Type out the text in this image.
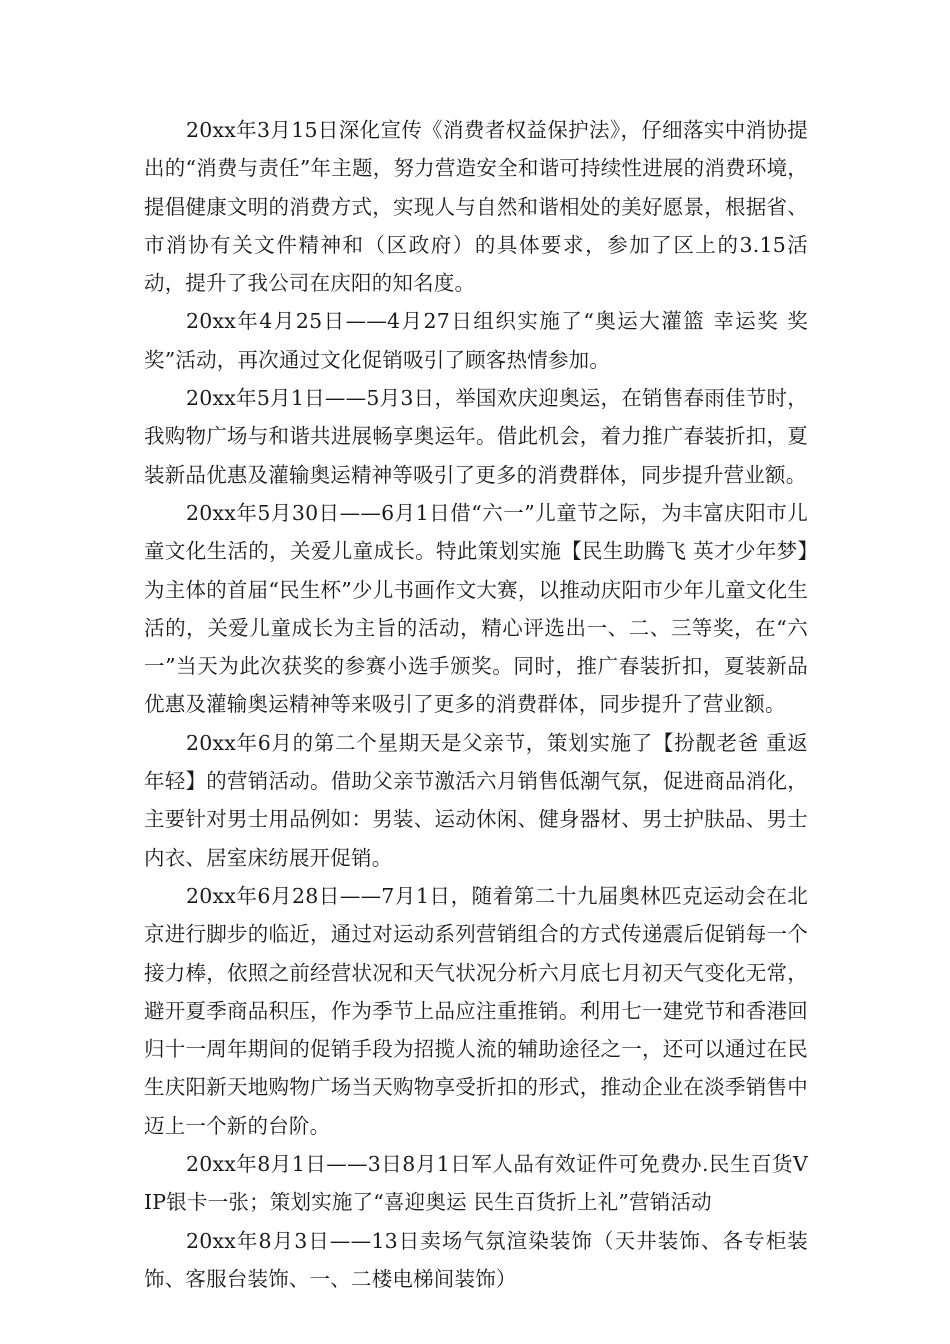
20xx年3月15日深化宣传《消费者权益保护法》，仔细落实中消协提出的“消费与责任”年主题，努力营造安全和谐可持续性进展的消费环境，提倡健康文明的消费方式，实现人与自然和谐相处的美好愿景，根据省、市消协有关文件精神和（区政府）的具体要求，参加了区上的3.15活动，提升了我公司在庆阳的知名度。

20xx年4月25日——4月27日组织实施了“奥运大灌篮 幸运奖 奖 奖”活动，再次通过文化促销吸引了顾客热情参加。

20xx年5月1日——5月3日，举国欢庆迎奥运，在销售春雨佳节时，我购物广场与和谐共进展畅享奥运年。借此机会，着力推广春装折扣，夏装新品优惠及灌输奥运精神等吸引了更多的消费群体，同步提升营业额。

20xx年5月30日——6月1日借“六一”儿童节之际，为丰富庆阳市儿童文化生活的，关爱儿童成长。特此策划实施【民生助腾飞 英才少年梦】为主体的首届“民生杯”少儿书画作文大赛，以推动庆阳市少年儿童文化生活的，关爱儿童成长为主旨的活动，精心评选出一、二、三等奖，在“六一”当天为此次获奖的参赛小选手颁奖。同时，推广春装折扣，夏装新品优惠及灌输奥运精神等来吸引了更多的消费群体，同步提升了营业额。

20xx年6月的第二个星期天是父亲节，策划实施了【扮靓老爸 重返年轻】的营销活动。借助父亲节激活六月销售低潮气氛，促进商品消化，主要针对男士用品例如：男装、运动休闲、健身器材、男士护肤品、男士内衣、居室床纺展开促销。

20xx年6月28日——7月1日，随着第二十九届奥林匹克运动会在北京进行脚步的临近，通过对运动系列营销组合的方式传递震后促销每一个接力棒，依照之前经营状况和天气状况分析六月底七月初天气变化无常，避开夏季商品积压，作为季节上品应注重推销。利用七一建党节和香港回归十一周年期间的促销手段为招揽人流的辅助途径之一，还可以通过在民生庆阳新天地购物广场当天购物享受折扣的形式，推动企业在淡季销售中迈上一个新的台阶。

20xx年8月1日——3日8月1日军人品有效证件可免费办.民生百货VIP银卡一张；策划实施了“喜迎奥运 民生百货折上礼”营销活动

20xx年8月3日——13日卖场气氛渲染装饰（天井装饰、各专柜装饰、客服台装饰、一、二楼电梯间装饰）
